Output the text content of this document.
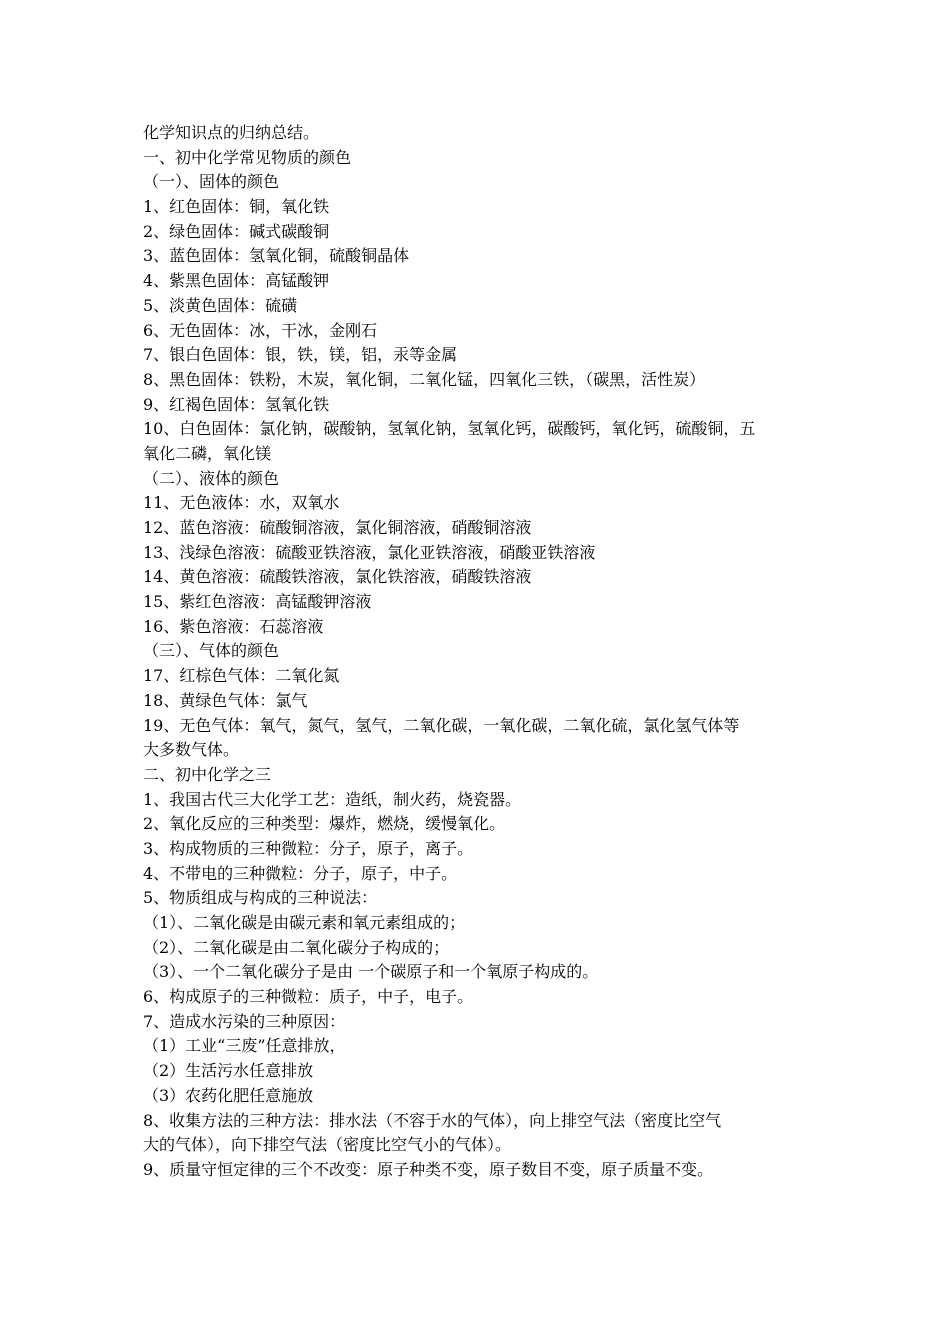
化学知识点的归纳总结。
一、初中化学常见物质的颜色
（一）、固体的颜色
1、红色固体：铜，氧化铁
2、绿色固体：碱式碳酸铜
3、蓝色固体：氢氧化铜，硫酸铜晶体
4、紫黑色固体：高锰酸钾
5、淡黄色固体：硫磺
6、无色固体：冰，干冰，金刚石
7、银白色固体：银，铁，镁，铝，汞等金属
8、黑色固体：铁粉，木炭，氧化铜，二氧化锰，四氧化三铁，（碳黑，活性炭）
9、红褐色固体：氢氧化铁
10、白色固体：氯化钠，碳酸钠，氢氧化钠，氢氧化钙，碳酸钙，氧化钙，硫酸铜，五
氧化二磷，氧化镁
（二）、液体的颜色
11、无色液体：水，双氧水
12、蓝色溶液：硫酸铜溶液，氯化铜溶液，硝酸铜溶液
13、浅绿色溶液：硫酸亚铁溶液，氯化亚铁溶液，硝酸亚铁溶液
14、黄色溶液：硫酸铁溶液，氯化铁溶液，硝酸铁溶液
15、紫红色溶液：高锰酸钾溶液
16、紫色溶液：石蕊溶液
（三）、气体的颜色
17、红棕色气体：二氧化氮
18、黄绿色气体：氯气
19、无色气体：氧气，氮气，氢气，二氧化碳，一氧化碳，二氧化硫，氯化氢气体等
大多数气体。
二、初中化学之三
1、我国古代三大化学工艺：造纸，制火药，烧瓷器。
2、氧化反应的三种类型：爆炸，燃烧，缓慢氧化。
3、构成物质的三种微粒：分子，原子，离子。
4、不带电的三种微粒：分子，原子，中子。
5、物质组成与构成的三种说法：
（1）、二氧化碳是由碳元素和氧元素组成的；
（2）、二氧化碳是由二氧化碳分子构成的；
（3）、一个二氧化碳分子是由 一个碳原子和一个氧原子构成的。
6、构成原子的三种微粒：质子，中子，电子。
7、造成水污染的三种原因：
（1）工业“三废”任意排放，
（2）生活污水任意排放
（3）农药化肥任意施放
8、收集方法的三种方法：排水法（不容于水的气体），向上排空气法（密度比空气
大的气体），向下排空气法（密度比空气小的气体）。
9、质量守恒定律的三个不改变：原子种类不变，原子数目不变，原子质量不变。
